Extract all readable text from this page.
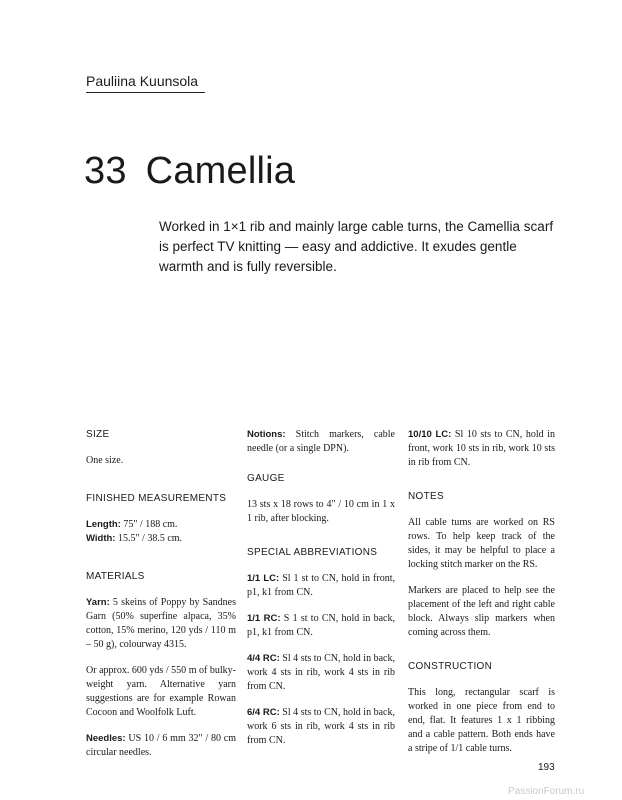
Pauliina Kuunsola
33 Camellia
Worked in 1×1 rib and mainly large cable turns, the Camellia scarf is perfect TV knitting — easy and addictive. It exudes gentle warmth and is fully reversible.
SIZE
One size.
FINISHED MEASUREMENTS
Length: 75" / 188 cm.
Width: 15.5" / 38.5 cm.
MATERIALS
Yarn: 5 skeins of Poppy by Sandnes Garn (50% superfine alpaca, 35% cotton, 15% merino, 120 yds / 110 m – 50 g), colourway 4315.
Or approx. 600 yds / 550 m of bulky-weight yarn. Alternative yarn suggestions are for example Rowan Cocoon and Woolfolk Luft.
Needles: US 10 / 6 mm 32" / 80 cm circular needles.
Notions: Stitch markers, cable needle (or a single DPN).
GAUGE
13 sts x 18 rows to 4" / 10 cm in 1 x 1 rib, after blocking.
SPECIAL ABBREVIATIONS
1/1 LC: Sl 1 st to CN, hold in front, p1, k1 from CN.
1/1 RC: S 1 st to CN, hold in back, p1, k1 from CN.
4/4 RC: Sl 4 sts to CN, hold in back, work 4 sts in rib, work 4 sts in rib from CN.
6/4 RC: Sl 4 sts to CN, hold in back, work 6 sts in rib, work 4 sts in rib from CN.
10/10 LC: Sl 10 sts to CN, hold in front, work 10 sts in rib, work 10 sts in rib from CN.
NOTES
All cable turns are worked on RS rows. To help keep track of the sides, it may be helpful to place a locking stitch marker on the RS.
Markers are placed to help see the placement of the left and right cable block. Always slip markers when coming across them.
CONSTRUCTION
This long, rectangular scarf is worked in one piece from end to end, flat. It features 1 x 1 ribbing and a cable pattern. Both ends have a stripe of 1/1 cable turns.
193
PassionForum.ru
